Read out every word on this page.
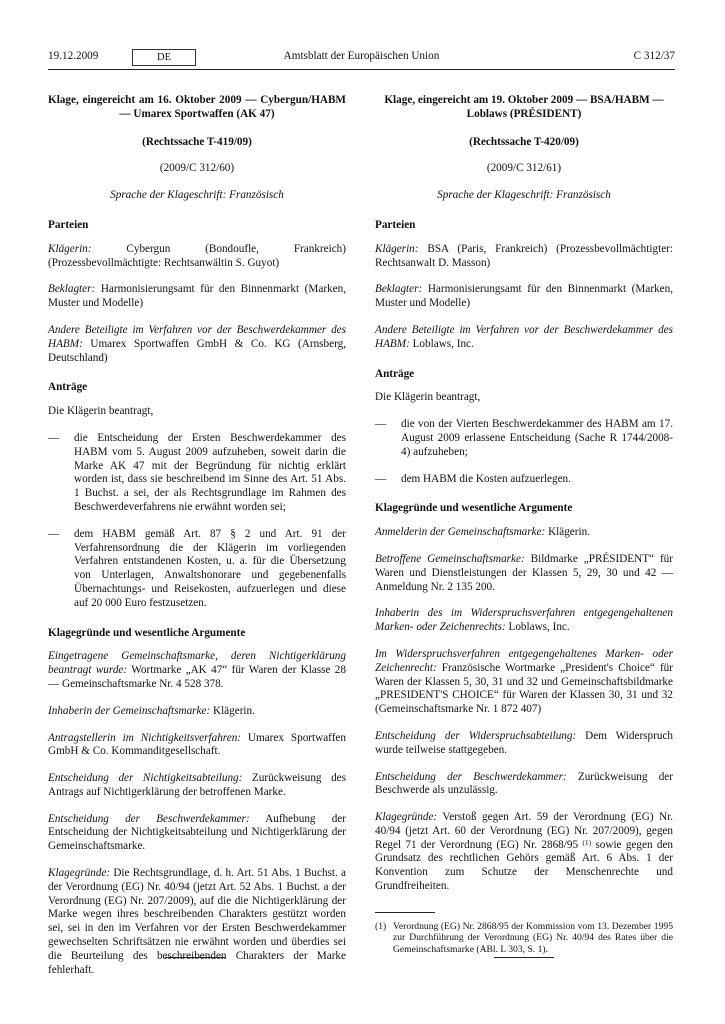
19.12.2009	DE	Amtsblatt der Europäischen Union	C 312/37
Klage, eingereicht am 16. Oktober 2009 — Cybergun/HABM — Umarex Sportwaffen (AK 47)
(Rechtssache T-419/09)
(2009/C 312/60)
Sprache der Klageschrift: Französisch
Parteien

Klägerin: Cybergun (Bondoufle, Frankreich) (Prozessbevollmächtigte: Rechtsanwältin S. Guyot)

Beklagter: Harmonisierungsamt für den Binnenmarkt (Marken, Muster und Modelle)

Andere Beteiligte im Verfahren vor der Beschwerdekammer des HABM: Umarex Sportwaffen GmbH & Co. KG (Arnsberg, Deutschland)

Anträge

Die Klägerin beantragt,

— die Entscheidung der Ersten Beschwerdekammer des HABM vom 5. August 2009 aufzuheben, soweit darin die Marke AK 47 mit der Begründung für nichtig erklärt worden ist, dass sie beschreibend im Sinne des Art. 51 Abs. 1 Buchst. a sei, der als Rechtsgrundlage im Rahmen des Beschwerdeverfahrens nie erwähnt worden sei;
— dem HABM gemäß Art. 87 § 2 und Art. 91 der Verfahrensordnung die der Klägerin im vorliegenden Verfahren entstandenen Kosten, u. a. für die Übersetzung von Unterlagen, Anwaltshonorare und gegebenenfalls Übernachtungs- und Reisekosten, aufzuerlegen und diese auf 20 000 Euro festzusetzen.
Klagegründe und wesentliche Argumente

Eingetragene Gemeinschaftsmarke, deren Nichtigerklärung beantragt wurde: Wortmarke „AK 47“ für Waren der Klasse 28 — Gemeinschaftsmarke Nr. 4 528 378.

Inhaberin der Gemeinschaftsmarke: Klägerin.

Antragstellerin im Nichtigkeitsverfahren: Umarex Sportwaffen GmbH & Co. Kommanditgesellschaft.

Entscheidung der Nichtigkeitsabteilung: Zurückweisung des Antrags auf Nichtigerklärung der betroffenen Marke.

Entscheidung der Beschwerdekammer: Aufhebung der Entscheidung der Nichtigkeitsabteilung und Nichtigerklärung der Gemeinschaftsmarke.

Klagegründe: Die Rechtsgrundlage, d. h. Art. 51 Abs. 1 Buchst. a der Verordnung (EG) Nr. 40/94 (jetzt Art. 52 Abs. 1 Buchst. a der Verordnung (EG) Nr. 207/2009), auf die die Nichtigerklärung der Marke wegen ihres beschreibenden Charakters gestützt worden sei, sei in den im Verfahren vor der Ersten Beschwerdekammer gewechselten Schriftsätzen nie erwähnt worden und überdies sei die Beurteilung des beschreibenden Charakters der Marke fehlerhaft.

Klage, eingereicht am 19. Oktober 2009 — BSA/HABM — Loblaws (PRÉSIDENT)
(Rechtssache T-420/09)
(2009/C 312/61)
Sprache der Klageschrift: Französisch
Parteien

Klägerin: BSA (Paris, Frankreich) (Prozessbevollmächtigter: Rechtsanwalt D. Masson)

Beklagter: Harmonisierungsamt für den Binnenmarkt (Marken, Muster und Modelle)

Andere Beteiligte im Verfahren vor der Beschwerdekammer des HABM: Loblaws, Inc.

Anträge

Die Klägerin beantragt,

— die von der Vierten Beschwerdekammer des HABM am 17. August 2009 erlassene Entscheidung (Sache R 1744/2008-4) aufzuheben;
— dem HABM die Kosten aufzuerlegen.
Klagegründe und wesentliche Argumente

Anmelderin der Gemeinschaftsmarke: Klägerin.

Betroffene Gemeinschaftsmarke: Bildmarke „PRÉSIDENT“ für Waren und Dienstleistungen der Klassen 5, 29, 30 und 42 — Anmeldung Nr. 2 135 200.

Inhaberin des im Widerspruchsverfahren entgegengehaltenen Marken- oder Zeichenrechts: Loblaws, Inc.

Im Widerspruchsverfahren entgegengehaltenes Marken- oder Zeichenrecht: Französische Wortmarke „President's Choice“ für Waren der Klassen 5, 30, 31 und 32 und Gemeinschaftsbildmarke „PRESIDENT'S CHOICE“ für Waren der Klassen 30, 31 und 32 (Gemeinschaftsmarke Nr. 1 872 407)

Entscheidung der Widerspruchsabteilung: Dem Widerspruch wurde teilweise stattgegeben.

Entscheidung der Beschwerdekammer: Zurückweisung der Beschwerde als unzulässig.

Klagegründe: Verstoß gegen Art. 59 der Verordnung (EG) Nr. 40/94 (jetzt Art. 60 der Verordnung (EG) Nr. 207/2009), gegen Regel 71 der Verordnung (EG) Nr. 2868/95 $^{(1)}$ sowie gegen den Grundsatz des rechtlichen Gehörs gemäß Art. 6 Abs. 1 der Konvention zum Schutze der Menschenrechte und Grundfreiheiten.

(1) Verordnung (EG) Nr. 2868/95 der Kommission vom 13. Dezember 1995 zur Durchführung der Verordnung (EG) Nr. 40/94 des Rates über die Gemeinschaftsmarke (ABl. L 303, S. 1).
